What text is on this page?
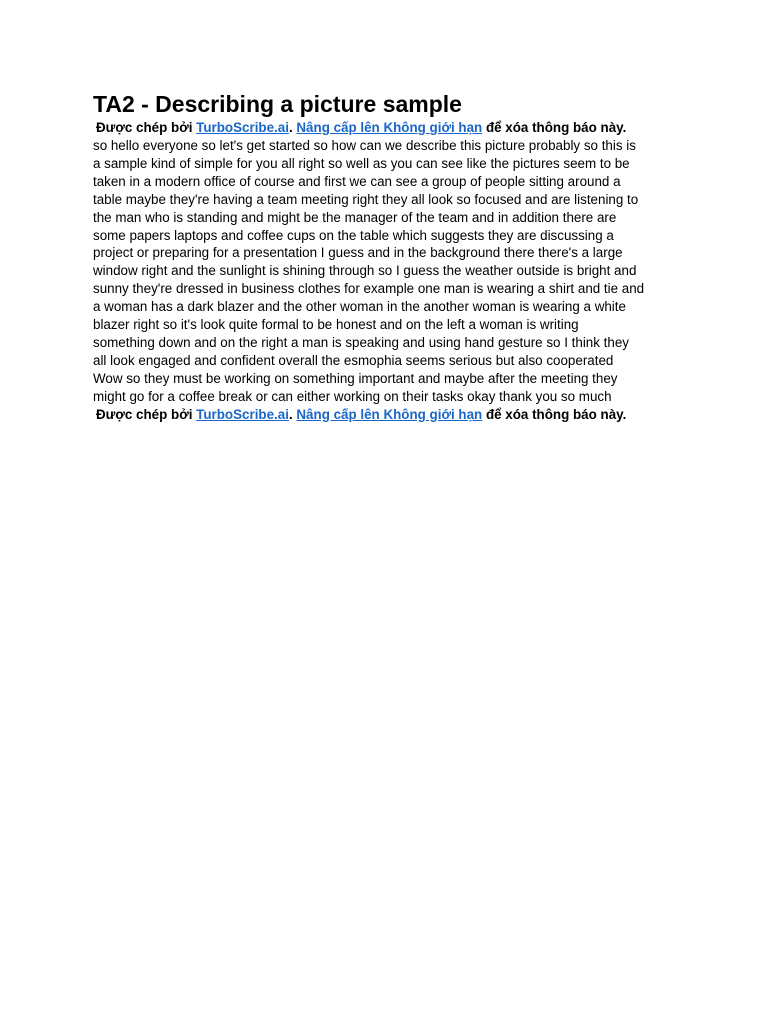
TA2 - Describing a picture sample

Được chép bởi TurboScribe.ai. Nâng cấp lên Không giới hạn để xóa thông báo này.

so hello everyone so let's get started so how can we describe this picture probably so this is
a sample kind of simple for you all right so well as you can see like the pictures seem to be
taken in a modern office of course and first we can see a group of people sitting around a
table maybe they're having a team meeting right they all look so focused and are listening to
the man who is standing and might be the manager of the team and in addition there are
some papers laptops and coffee cups on the table which suggests they are discussing a
project or preparing for a presentation I guess and in the background there there's a large
window right and the sunlight is shining through so I guess the weather outside is bright and
sunny they're dressed in business clothes for example one man is wearing a shirt and tie and
a woman has a dark blazer and the other woman in the another woman is wearing a white
blazer right so it's look quite formal to be honest and on the left a woman is writing
something down and on the right a man is speaking and using hand gesture so I think they
all look engaged and confident overall the esmophia seems serious but also cooperated
Wow so they must be working on something important and maybe after the meeting they
might go for a coffee break or can either working on their tasks okay thank you so much

Được chép bởi TurboScribe.ai. Nâng cấp lên Không giới hạn để xóa thông báo này.
